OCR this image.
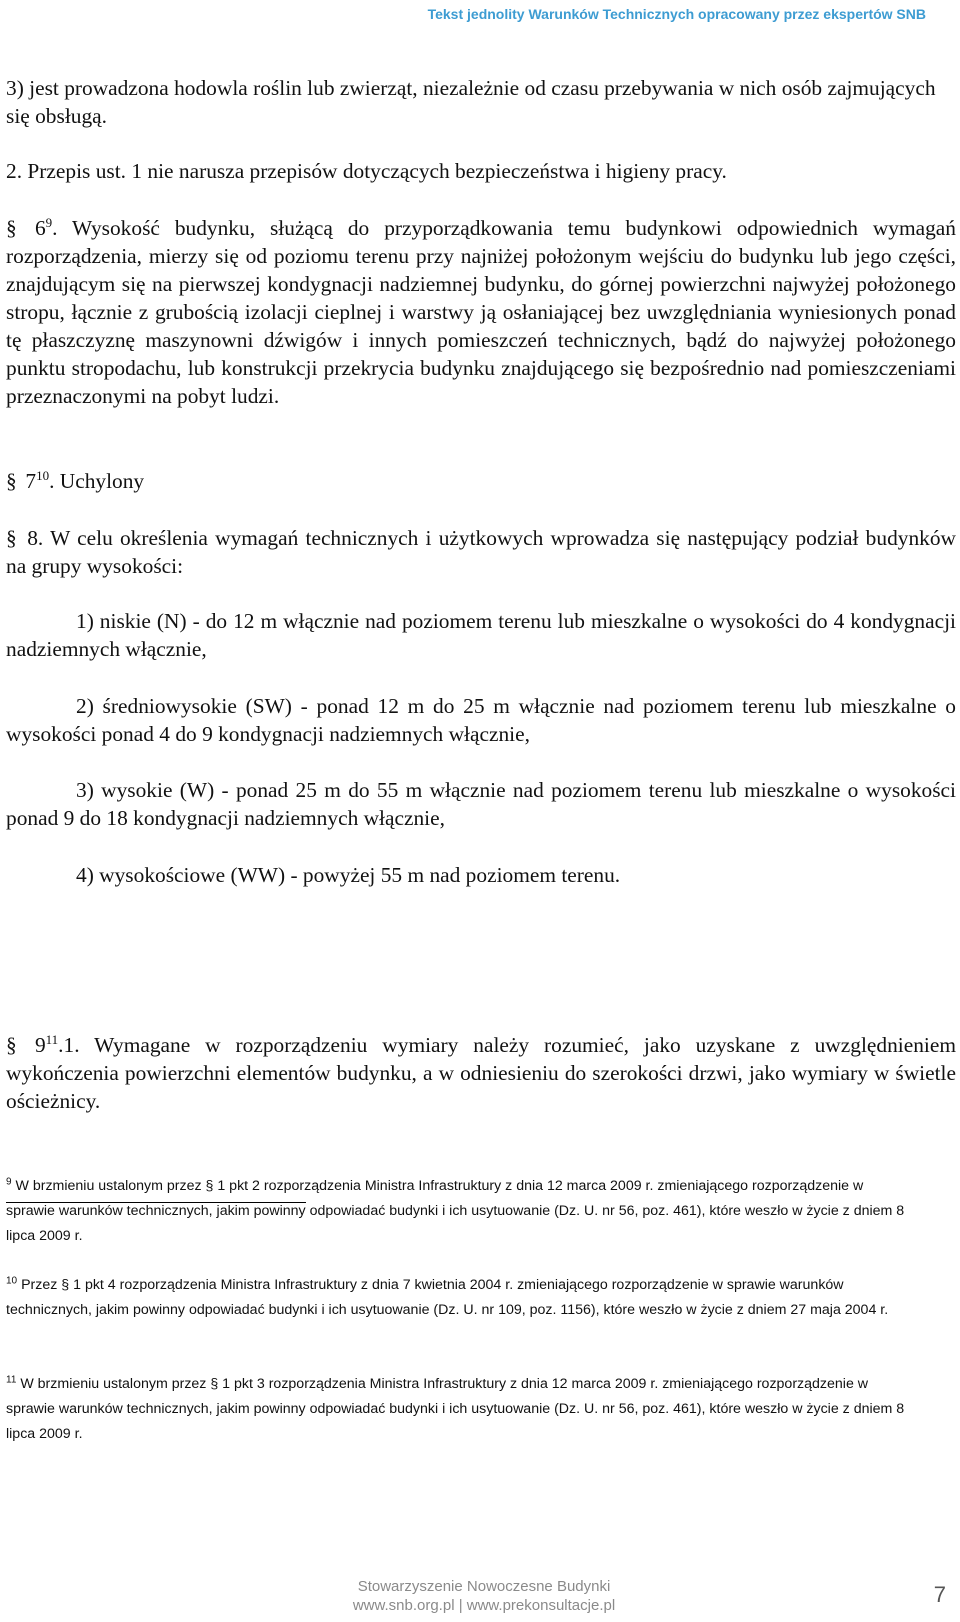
Tekst jednolity Warunków Technicznych opracowany przez ekspertów SNB

3) jest prowadzona hodowla roślin lub zwierząt, niezależnie od czasu przebywania w nich osób zajmujących się obsługą.

2. Przepis ust. 1 nie narusza przepisów dotyczących bezpieczeństwa i higieny pracy.

§ $6^9$. Wysokość budynku, służącą do przyporządkowania temu budynkowi odpowiednich wymagań rozporządzenia, mierzy się od poziomu terenu przy najniżej położonym wejściu do budynku lub jego części, znajdującym się na pierwszej kondygnacji nadziemnej budynku, do górnej powierzchni najwyżej położonego stropu, łącznie z grubością izolacji cieplnej i warstwy ją osłaniającej bez uwzględniania wyniesionych ponad tę płaszczyznę maszynowni dźwigów i innych pomieszczeń technicznych, bądź do najwyżej położonego punktu stropodachu, lub konstrukcji przekrycia budynku znajdującego się bezpośrednio nad pomieszczeniami przeznaczonymi na pobyt ludzi.

§ $7^{10}$. Uchylony

§ 8. W celu określenia wymagań technicznych i użytkowych wprowadza się następujący podział budynków na grupy wysokości:

1) niskie (N) - do 12 m włącznie nad poziomem terenu lub mieszkalne o wysokości do 4 kondygnacji nadziemnych włącznie,

2) średniowysokie (SW) - ponad 12 m do 25 m włącznie nad poziomem terenu lub mieszkalne o wysokości ponad 4 do 9 kondygnacji nadziemnych włącznie,

3) wysokie (W) - ponad 25 m do 55 m włącznie nad poziomem terenu lub mieszkalne o wysokości ponad 9 do 18 kondygnacji nadziemnych włącznie,

4) wysokościowe (WW) - powyżej 55 m nad poziomem terenu.

§ $9^{11}.1$. Wymagane w rozporządzeniu wymiary należy rozumieć, jako uzyskane z uwzględnieniem wykończenia powierzchni elementów budynku, a w odniesieniu do szerokości drzwi, jako wymiary w świetle ościeżnicy.

$^9$ W brzmieniu ustalonym przez § 1 pkt 2 rozporządzenia Ministra Infrastruktury z dnia 12 marca 2009 r. zmieniającego rozporządzenie w sprawie warunków technicznych, jakim powinny odpowiadać budynki i ich usytuowanie (Dz. U. nr 56, poz. 461), które weszło w życie z dniem 8 lipca 2009 r.

$^{10}$ Przez § 1 pkt 4 rozporządzenia Ministra Infrastruktury z dnia 7 kwietnia 2004 r. zmieniającego rozporządzenie w sprawie warunków technicznych, jakim powinny odpowiadać budynki i ich usytuowanie (Dz. U. nr 109, poz. 1156), które weszło w życie z dniem 27 maja 2004 r.

$^{11}$ W brzmieniu ustalonym przez § 1 pkt 3 rozporządzenia Ministra Infrastruktury z dnia 12 marca 2009 r. zmieniającego rozporządzenie w sprawie warunków technicznych, jakim powinny odpowiadać budynki i ich usytuowanie (Dz. U. nr 56, poz. 461), które weszło w życie z dniem 8 lipca 2009 r.

Stowarzyszenie Nowoczesne Budynki
www.snb.org.pl | www.prekonsultacje.pl	7
